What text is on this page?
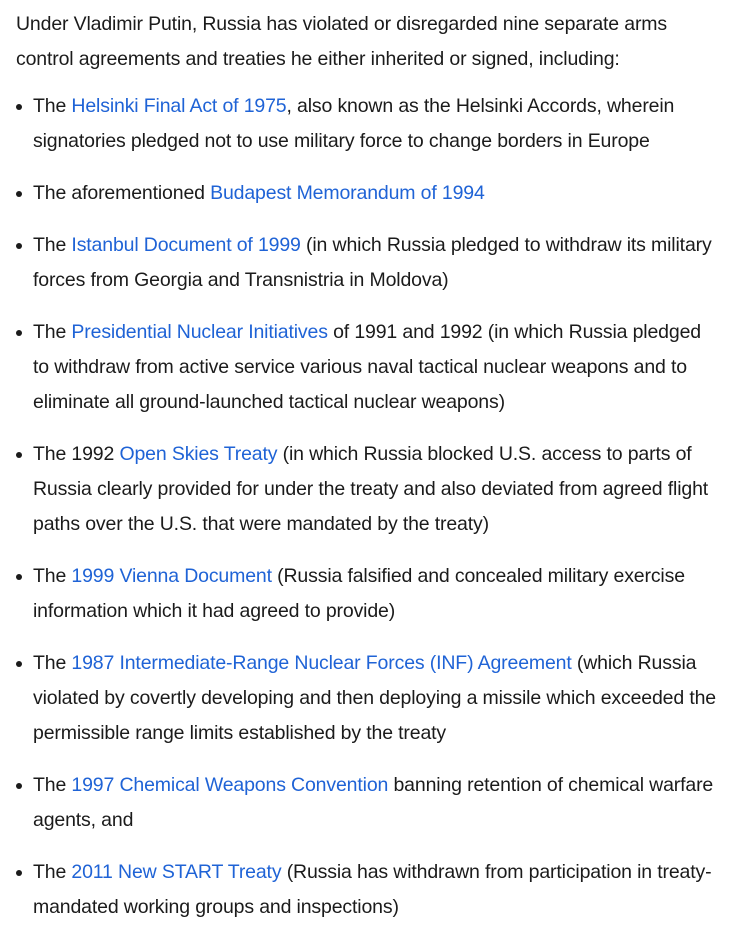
Under Vladimir Putin, Russia has violated or disregarded nine separate arms control agreements and treaties he either inherited or signed, including:

The Helsinki Final Act of 1975, also known as the Helsinki Accords, wherein signatories pledged not to use military force to change borders in Europe
The aforementioned Budapest Memorandum of 1994
The Istanbul Document of 1999 (in which Russia pledged to withdraw its military forces from Georgia and Transnistria in Moldova)
The Presidential Nuclear Initiatives of 1991 and 1992 (in which Russia pledged to withdraw from active service various naval tactical nuclear weapons and to eliminate all ground-launched tactical nuclear weapons)
The 1992 Open Skies Treaty (in which Russia blocked U.S. access to parts of Russia clearly provided for under the treaty and also deviated from agreed flight paths over the U.S. that were mandated by the treaty)
The 1999 Vienna Document (Russia falsified and concealed military exercise information which it had agreed to provide)
The 1987 Intermediate-Range Nuclear Forces (INF) Agreement (which Russia violated by covertly developing and then deploying a missile which exceeded the permissible range limits established by the treaty
The 1997 Chemical Weapons Convention banning retention of chemical warfare agents, and
The 2011 New START Treaty (Russia has withdrawn from participation in treaty-mandated working groups and inspections)
